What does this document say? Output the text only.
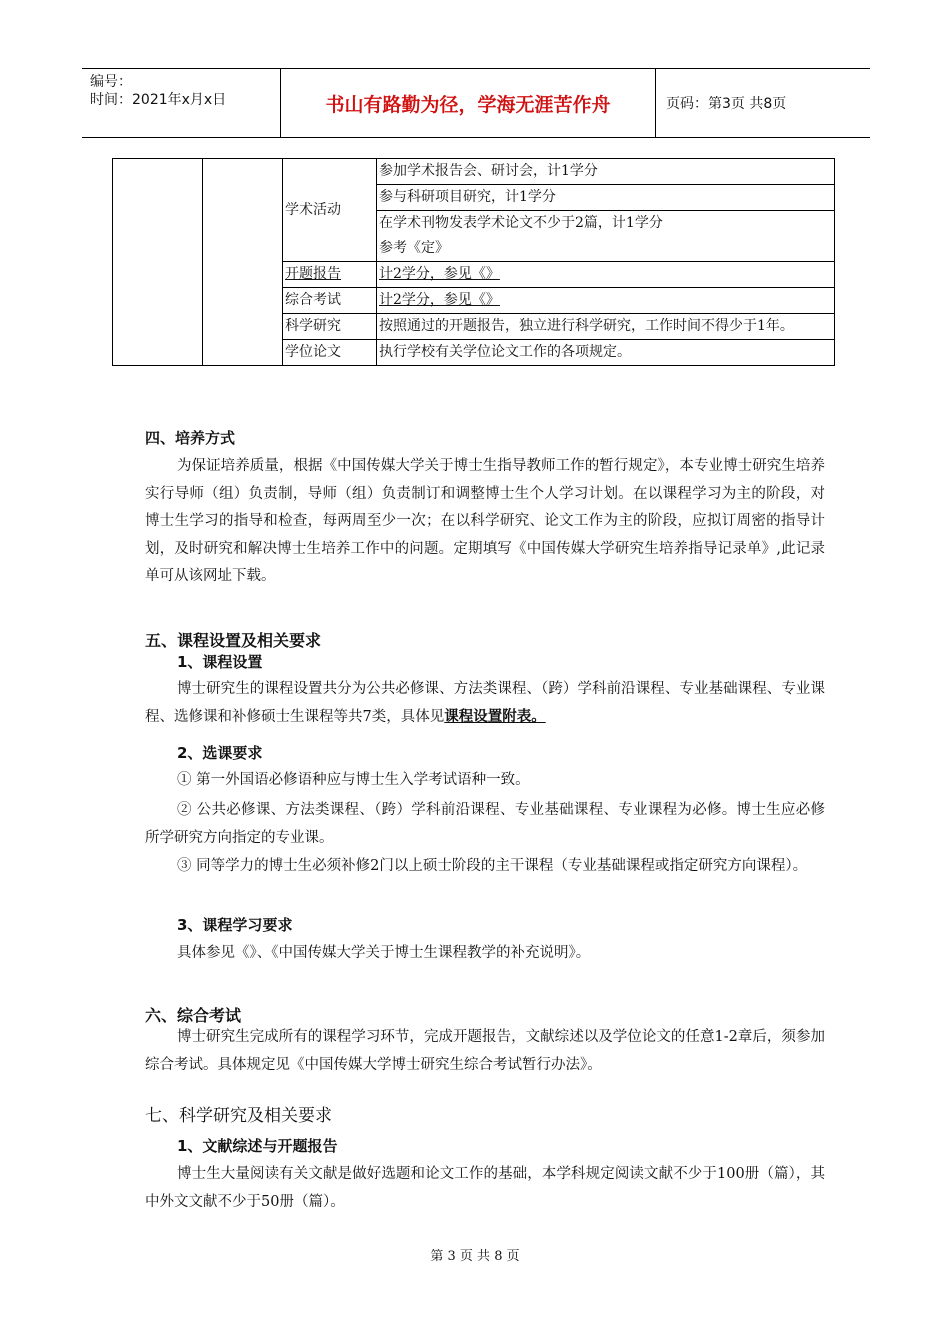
编号：
时间：2021年x月x日	书山有路勤为径，学海无涯苦作舟	页码：第3页 共8页
		学术活动	参加学术报告会、研讨会，计1学分
			参与科研项目研究，计1学分

			在学术刊物发表学术论文不少于2篇，计1学分
参考《定》

		开题报告	计2学分，参见《》
		综合考试	计2学分，参见《》
		科学研究	按照通过的开题报告，独立进行科学研究，工作时间不得少于1年。
		学位论文	执行学校有关学位论文工作的各项规定。
四、培养方式
为保证培养质量，根据《中国传媒大学关于博士生指导教师工作的暂行规定》，本专业博士研究生培养实行导师（组）负责制，导师（组）负责制订和调整博士生个人学习计划。在以课程学习为主的阶段，对博士生学习的指导和检查，每两周至少一次；在以科学研究、论文工作为主的阶段，应拟订周密的指导计划，及时研究和解决博士生培养工作中的问题。定期填写《中国传媒大学研究生培养指导记录单》,此记录单可从该网址下载。
五、课程设置及相关要求
1、课程设置
博士研究生的课程设置共分为公共必修课、方法类课程、（跨）学科前沿课程、专业基础课程、专业课程、选修课和补修硕士生课程等共7类，具体见课程设置附表。
2、选课要求
① 第一外国语必修语种应与博士生入学考试语种一致。
② 公共必修课、方法类课程、（跨）学科前沿课程、专业基础课程、专业课程为必修。博士生应必修所学研究方向指定的专业课。
③ 同等学力的博士生必须补修2门以上硕士阶段的主干课程（专业基础课程或指定研究方向课程）。
3、课程学习要求
具体参见《》、《中国传媒大学关于博士生课程教学的补充说明》。
六、综合考试
博士研究生完成所有的课程学习环节，完成开题报告，文献综述以及学位论文的任意1-2章后，须参加综合考试。具体规定见《中国传媒大学博士研究生综合考试暂行办法》。
七、科学研究及相关要求
1、文献综述与开题报告
博士生大量阅读有关文献是做好选题和论文工作的基础，本学科规定阅读文献不少于100册（篇），其中外文文献不少于50册（篇）。
第 3 页 共 8 页
